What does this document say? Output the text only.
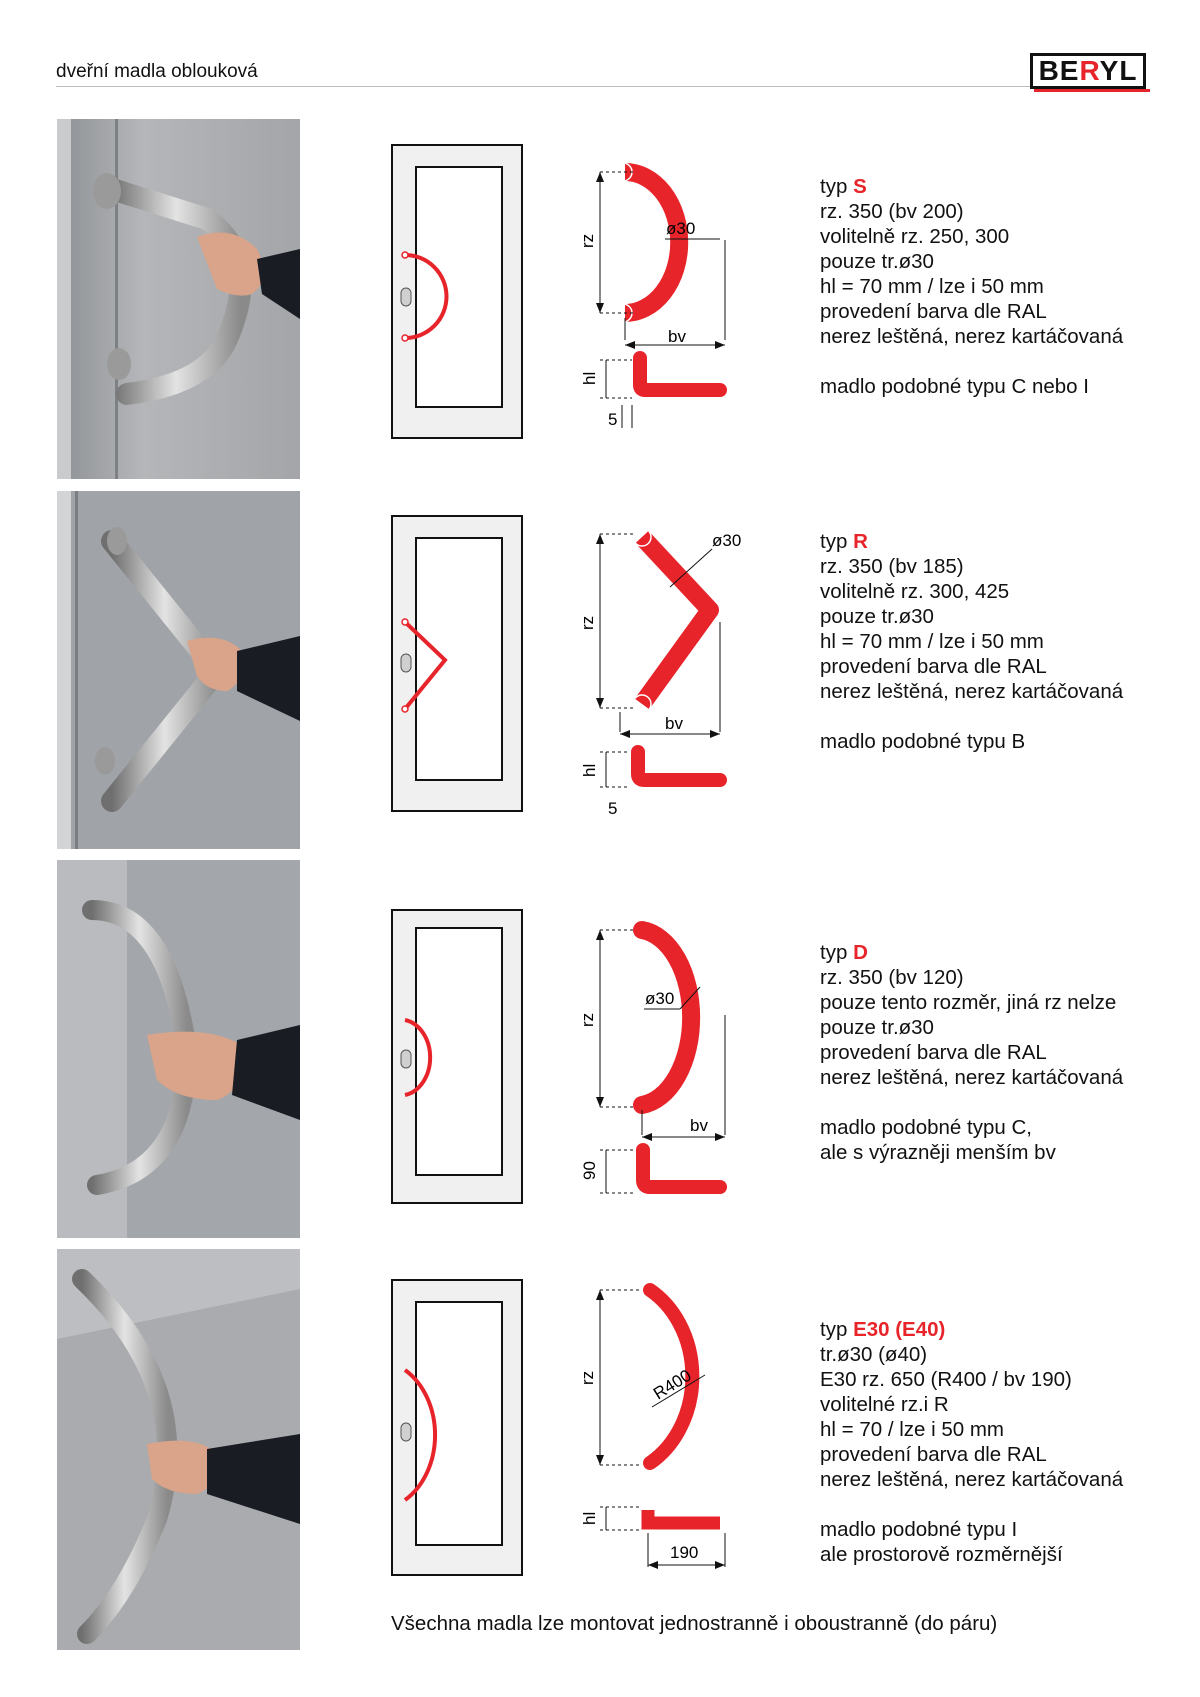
dveřní madla oblouková	BERYL
rz
ø30
bv
hl
5
typ S
rz. 350 (bv 200)
volitelně rz. 250, 300
pouze tr.ø30
hl = 70 mm / lze i 50 mm
provedení barva dle RAL
nerez leštěná, nerez kartáčovaná
madlo podobné typu C nebo I
rz
ø30
bv
hl
5
typ R
rz. 350 (bv 185)
volitelně rz. 300, 425
pouze tr.ø30
hl = 70 mm / lze i 50 mm
provedení barva dle RAL
nerez leštěná, nerez kartáčovaná
madlo podobné typu B
rz
ø30
bv
90
typ D
rz. 350 (bv 120)
pouze tento rozměr, jiná rz nelze
pouze tr.ø30
provedení barva dle RAL
nerez leštěná, nerez kartáčovaná
madlo podobné typu C,
ale s výrazněji menším bv
rz	R400
hl
190
typ E30 (E40)
tr.ø30 (ø40)
E30 rz. 650 (R400 / bv 190)
volitelné rz.i R
hl = 70 / lze i 50 mm
provedení barva dle RAL
nerez leštěná, nerez kartáčovaná
madlo podobné typu I
ale prostorově rozměrnější
Všechna madla lze montovat jednostranně i oboustranně (do páru)
